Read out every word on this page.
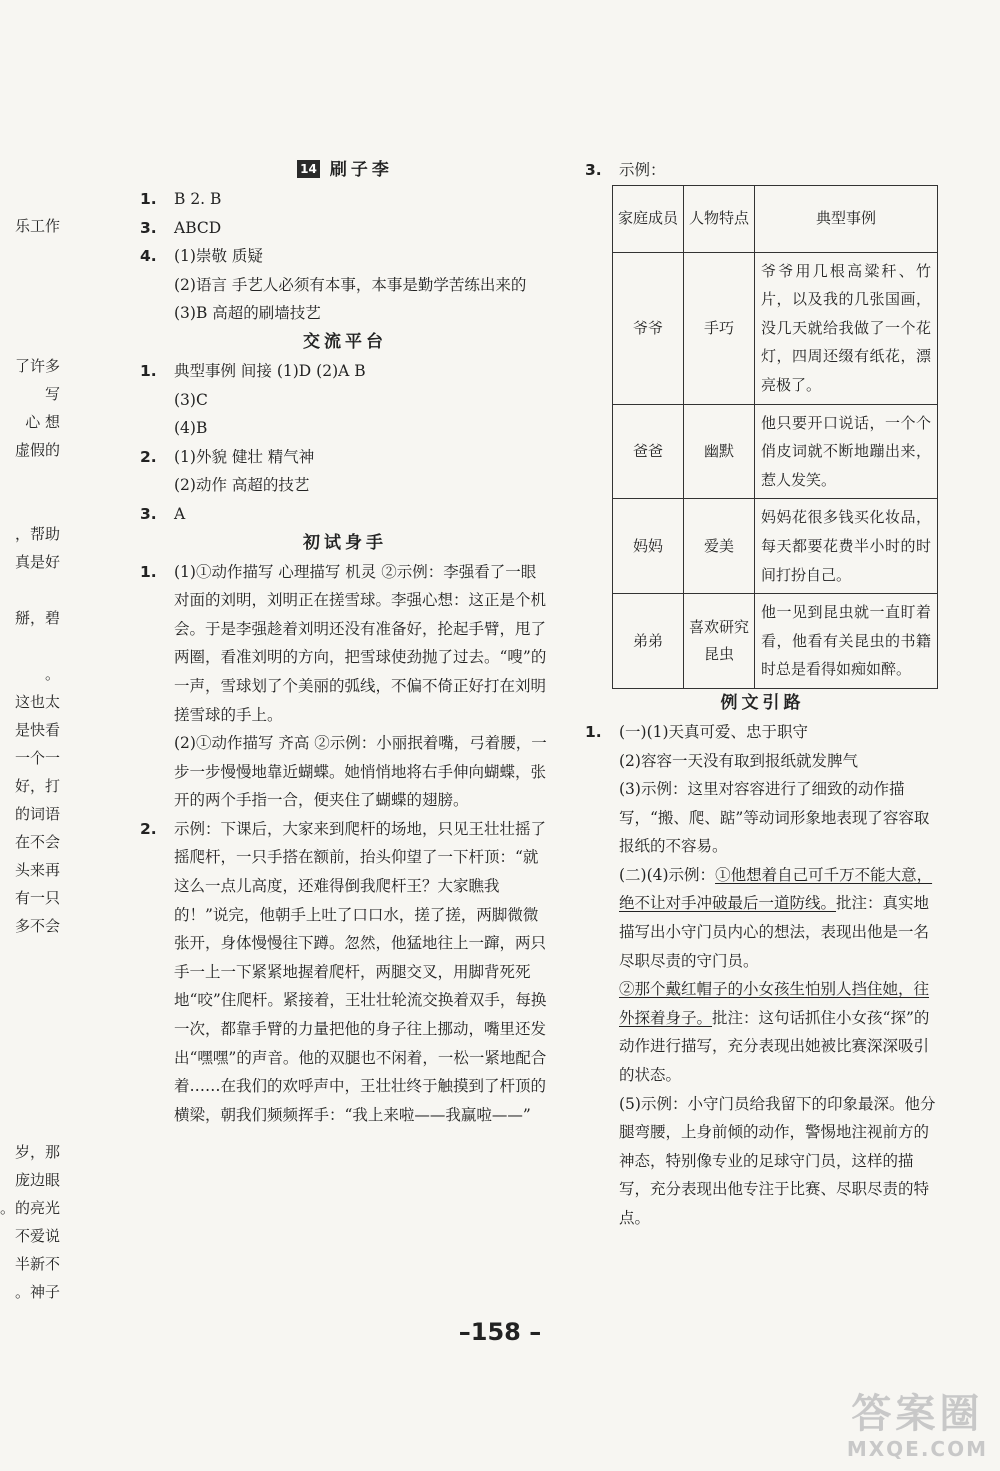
乐工作
了许多
写
心 想
虚假的
帮助，
真是好
掰，碧
。
这也太
是快看
一个一
好，打
的词语
在不会
头来再
有一只
多不会
岁，那
庞边眼
的亮光。
不爱说
半新不
神子。
14 刷子李
1. B 2. B
3. ABCD
4. (1)崇敬 质疑
(2)语言 手艺人必须有本事，本事是勤学苦练出来的
(3)B 高超的刷墙技艺
交流平台
1. 典型事例 间接 (1)D (2)A B
(3)C
(4)B
2. (1)外貌 健壮 精气神
(2)动作 高超的技艺
3. A
初试身手
1. (1)①动作描写 心理描写 机灵 ②示例：李强看了一眼对面的刘明，刘明正在搓雪球。李强心想：这正是个机会。于是李强趁着刘明还没有准备好，抡起手臂，甩了两圈，看准刘明的方向，把雪球使劲抛了过去。“嗖”的一声，雪球划了个美丽的弧线，不偏不倚正好打在刘明搓雪球的手上。
(2)①动作描写 齐高 ②示例：小丽抿着嘴，弓着腰，一步一步慢慢地靠近蝴蝶。她悄悄地将右手伸向蝴蝶，张开的两个手指一合，便夹住了蝴蝶的翅膀。
2. 示例：下课后，大家来到爬杆的场地，只见王壮壮摇了摇爬杆，一只手搭在额前，抬头仰望了一下杆顶：“就这么一点儿高度，还难得倒我爬杆王？大家瞧我的！”说完，他朝手上吐了口口水，搓了搓，两脚微微张开，身体慢慢往下蹲。忽然，他猛地往上一蹿，两只手一上一下紧紧地握着爬杆，两腿交叉，用脚背死死地“咬”住爬杆。紧接着，王壮壮轮流交换着双手，每换一次，都靠手臂的力量把他的身子往上挪动，嘴里还发出“嘿嘿”的声音。他的双腿也不闲着，一松一紧地配合着……在我们的欢呼声中，王壮壮终于触摸到了杆顶的横梁，朝我们频频挥手：“我上来啦——我赢啦——”
3. 示例：
家庭成员	人物特点	典型事例
爷爷	手巧	爷爷用几根高粱秆、竹片，以及我的几张国画，没几天就给我做了一个花灯，四周还缀有纸花，漂亮极了。
爸爸	幽默	他只要开口说话，一个个俏皮词就不断地蹦出来，惹人发笑。
妈妈	爱美	妈妈花很多钱买化妆品，每天都要花费半小时的时间打扮自己。
弟弟	喜欢研究昆虫	他一见到昆虫就一直盯着看，他看有关昆虫的书籍时总是看得如痴如醉。
例文引路
1. (一)(1)天真可爱、忠于职守
(2)容容一天没有取到报纸就发脾气
(3)示例：这里对容容进行了细致的动作描写，“搬、爬、踮”等动词形象地表现了容容取报纸的不容易。
(二)(4)示例：①他想着自己可千万不能大意，绝不让对手冲破最后一道防线。批注：真实地描写出小守门员内心的想法，表现出他是一名尽职尽责的守门员。
②那个戴红帽子的小女孩生怕别人挡住她，往外探着身子。批注：这句话抓住小女孩“探”的动作进行描写，充分表现出她被比赛深深吸引的状态。
(5)示例：小守门员给我留下的印象最深。他分腿弯腰，上身前倾的动作，警惕地注视前方的神态，特别像专业的足球守门员，这样的描写，充分表现出他专注于比赛、尽职尽责的特点。
–158 –
答案圈
MXQE.COM
